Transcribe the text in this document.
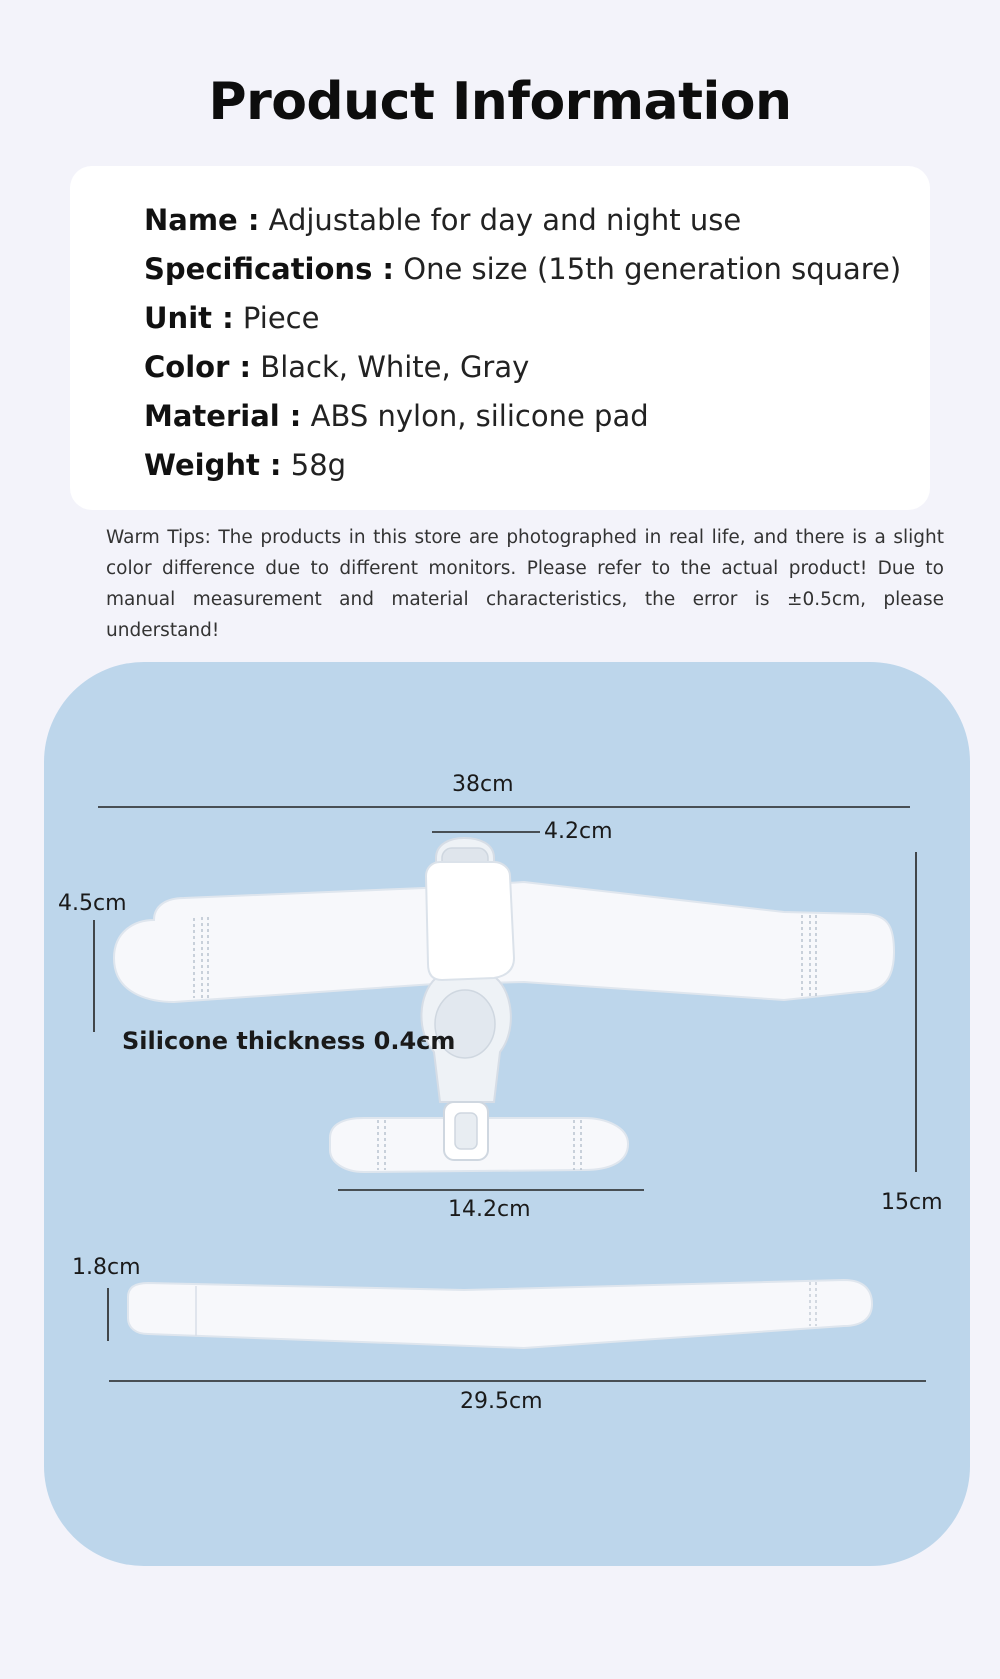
Product Information
Name : Adjustable for day and night use
Specifications : One size (15th generation square)
Unit : Piece
Color : Black, White, Gray
Material : ABS nylon, silicone pad
Weight : 58g
Warm Tips: The products in this store are photographed in real life, and there is a slight color difference due to different monitors. Please refer to the actual product! Due to manual measurement and material characteristics, the error is ±0.5cm, please understand!
38cm
4.2cm
4.5cm
Silicone thickness 0.4cm
14.2cm	15cm
1.8cm
29.5cm
